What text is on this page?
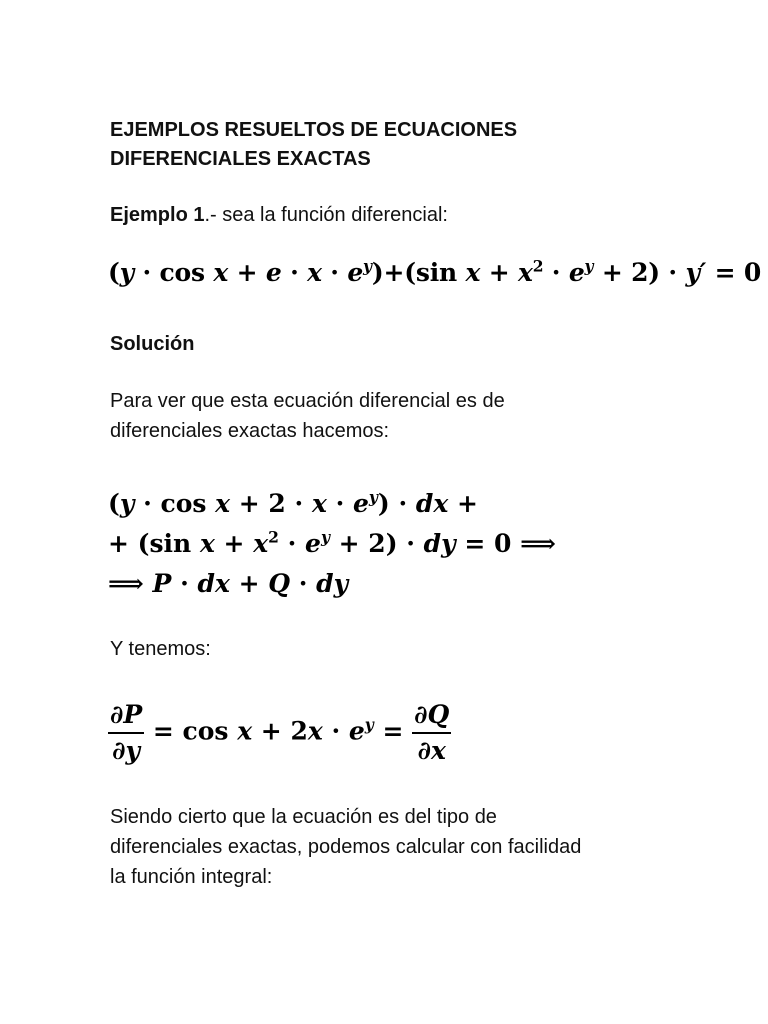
EJEMPLOS RESUELTOS DE ECUACIONES
DIFERENCIALES EXACTAS

Ejemplo 1.- sea la función diferencial:

$(y \cdot \cos x + e \cdot x \cdot e^y)+(\sin$ $x + x^2 \cdot e^y + 2) \cdot y' = 0$

Solución

Para ver que esta ecuación diferencial es de
diferenciales exactas hacemos:

$(y \cdot \cos x + 2 \cdot x \cdot e^y)$ · dx +
+ (sin $x + x^2 \cdot e^y + 2$) · dy = 0 ⟹
⟹ P · dx + Q · dy

Y tenemos:

$\frac{\partial P}{\partial y} = \cos x + 2x \cdot e^y = \frac{\partial Q}{\partial x}$

Siendo cierto que la ecuación es del tipo de
diferenciales exactas, podemos calcular con facilidad
la función integral:
